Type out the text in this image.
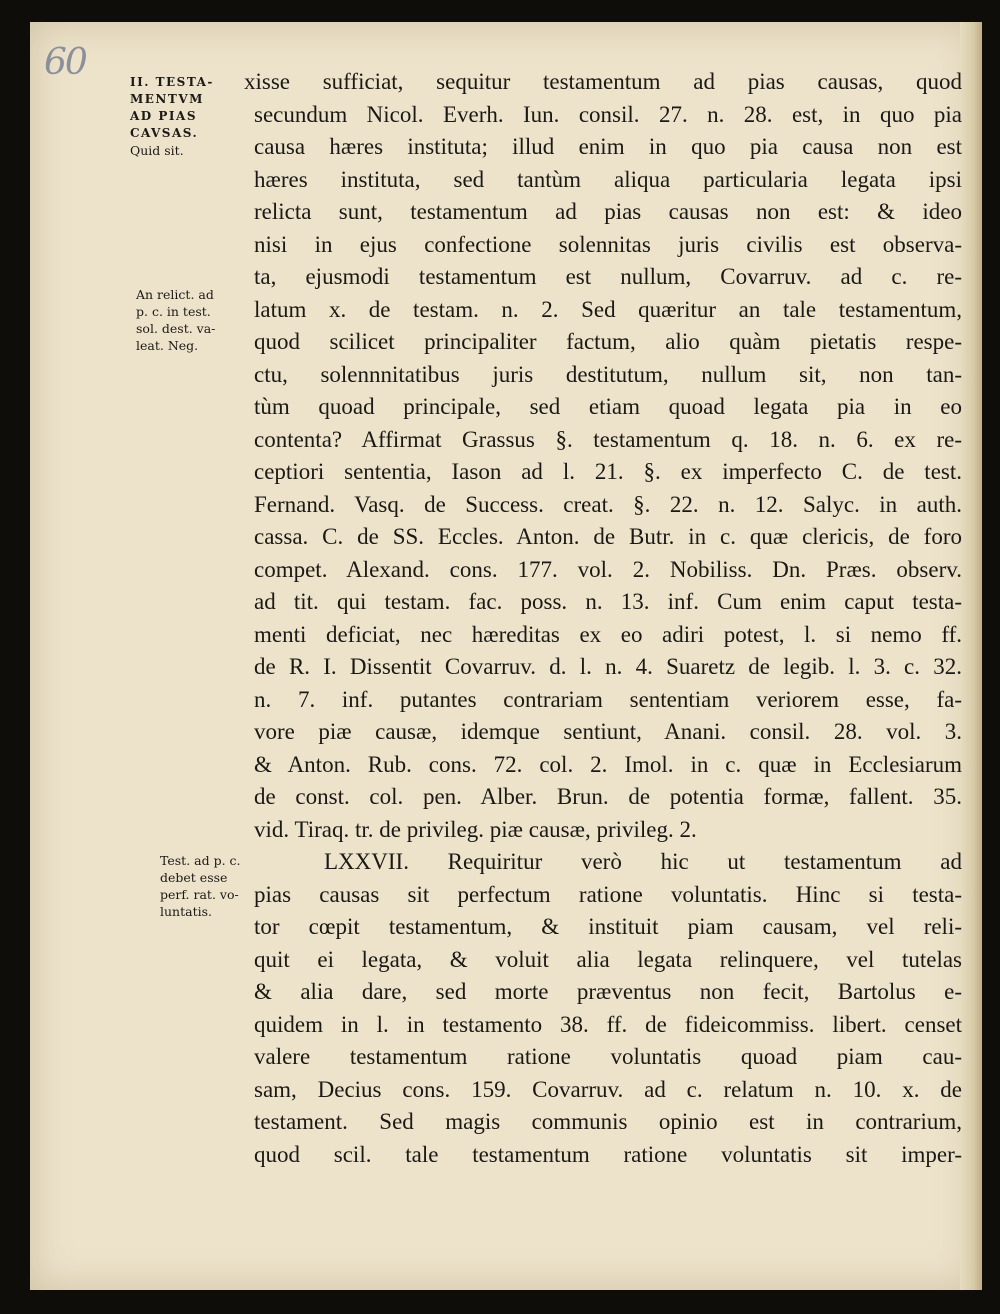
60	II. TESTA-
MENTVM
AD PIAS
CAVSAS.
Quid sit.
An relict. ad
p. c. in test.
sol. dest. va-
leat. Neg.
Test. ad p. c.
debet esse
perf. rat. vo-
luntatis.
xisse sufficiat, sequitur testamentum ad pias causas, quod
secundum Nicol. Everh. Iun. consil. 27. n. 28. est, in quo pia
causa hæres instituta; illud enim in quo pia causa non est
hæres instituta, sed tantùm aliqua particularia legata ipsi
relicta sunt, testamentum ad pias causas non est: & ideo
nisi in ejus confectione solennitas juris civilis est observa-
ta, ejusmodi testamentum est nullum, Covarruv. ad c. re-
latum x. de testam. n. 2. Sed quæritur an tale testamentum,
quod scilicet principaliter factum, alio quàm pietatis respe-
ctu, solennnitatibus juris destitutum, nullum sit, non tan-
tùm quoad principale, sed etiam quoad legata pia in eo
contenta? Affirmat Grassus §. testamentum q. 18. n. 6. ex re-
ceptiori sententia, Iason ad l. 21. §. ex imperfecto C. de test.
Fernand. Vasq. de Success. creat. §. 22. n. 12. Salyc. in auth.
cassa. C. de SS. Eccles. Anton. de Butr. in c. quæ clericis, de foro
compet. Alexand. cons. 177. vol. 2. Nobiliss. Dn. Præs. observ.
ad tit. qui testam. fac. poss. n. 13. inf. Cum enim caput testa-
menti deficiat, nec hæreditas ex eo adiri potest, l. si nemo ff.
de R. I. Dissentit Covarruv. d. l. n. 4. Suaretz de legib. l. 3. c. 32.
n. 7. inf. putantes contrariam sententiam veriorem esse, fa-
vore piæ causæ, idemque sentiunt, Anani. consil. 28. vol. 3.
& Anton. Rub. cons. 72. col. 2. Imol. in c. quæ in Ecclesiarum
de const. col. pen. Alber. Brun. de potentia formæ, fallent. 35.
vid. Tiraq. tr. de privileg. piæ causæ, privileg. 2.
LXXVII. Requiritur verò hic ut testamentum ad
pias causas sit perfectum ratione voluntatis. Hinc si testa-
tor cœpit testamentum, & instituit piam causam, vel reli-
quit ei legata, & voluit alia legata relinquere, vel tutelas
& alia dare, sed morte præventus non fecit, Bartolus e-
quidem in l. in testamento 38. ff. de fideicommiss. libert. censet
valere testamentum ratione voluntatis quoad piam cau-
sam, Decius cons. 159. Covarruv. ad c. relatum n. 10. x. de
testament. Sed magis communis opinio est in contrarium,
quod scil. tale testamentum ratione voluntatis sit imper-
